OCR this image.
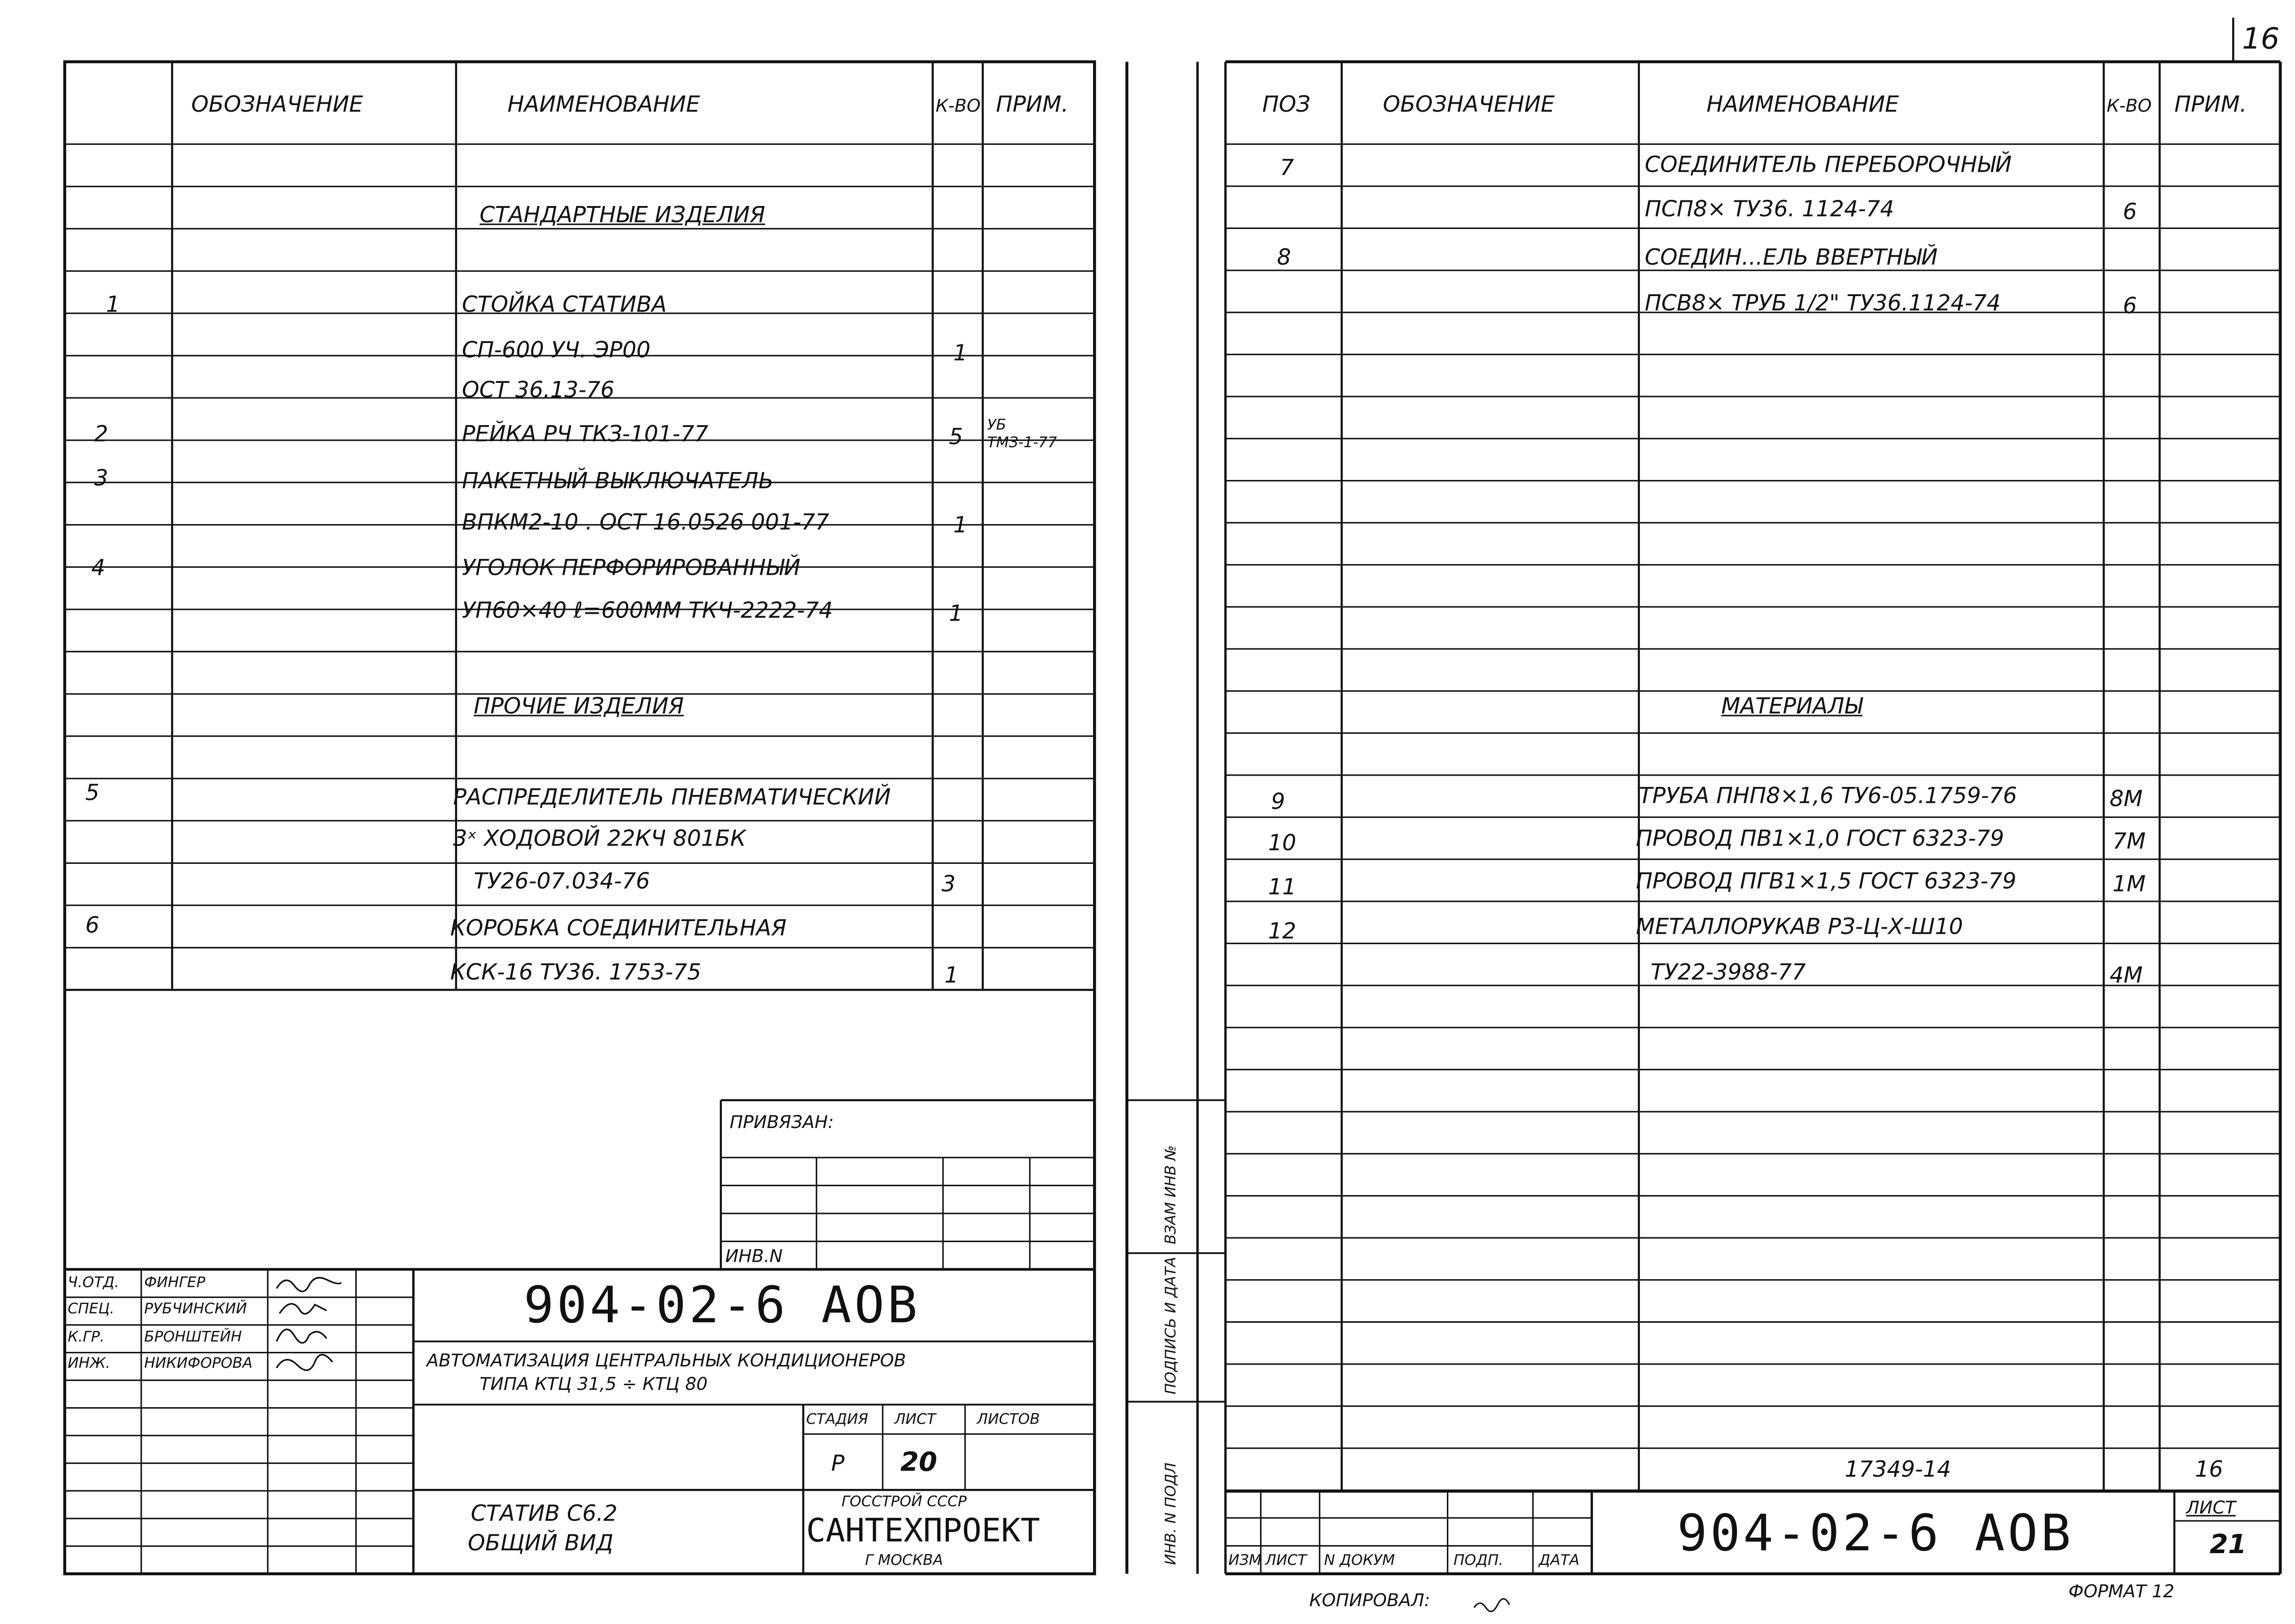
ОБОЗНАЧЕНИЕ	НАИМЕНОВАНИЕ	К-ВО ПРИМ.
СТАНДАРТНЫЕ ИЗДЕЛИЯ
1	СТОЙКА СТАТИВА
СП-600 УЧ. ЭР00	1
ОСТ 36.13-76
2	РЕЙКА РЧ ТКЗ-101-77	5	УБ
ТМЗ-1-77
3	ПАКЕТНЫЙ ВЫКЛЮЧАТЕЛЬ
ВПКМ2-10 . ОСТ 16.0526 001-77	1
4	УГОЛОК ПЕРФОРИРОВАННЫЙ
УП60×40 ℓ=600ММ ТКЧ-2222-74	1
ПРОЧИЕ ИЗДЕЛИЯ
5	РАСПРЕДЕЛИТЕЛЬ ПНЕВМАТИЧЕСКИЙ
3ˣ ХОДОВОЙ 22КЧ 801БК
ТУ26-07.034-76	3
6	КОРОБКА СОЕДИНИТЕЛЬНАЯ
КСК-16 ТУ36. 1753-75	1
ПОЗ	ОБОЗНАЧЕНИЕ	НАИМЕНОВАНИЕ	К-ВО	ПРИМ.
7	СОЕДИНИТЕЛЬ ПЕРЕБОРОЧНЫЙ
ПСП8× ТУ36. 1124-74	6
8	СОЕДИН...ЕЛЬ ВВЕРТНЫЙ
ПСВ8× ТРУБ 1/2" ТУ36.1124-74	6
МАТЕРИАЛЫ
9	ТРУБА ПНП8×1,6 ТУ6-05.1759-76	8М
10	ПРОВОД ПВ1×1,0 ГОСТ 6323-79	7М
11	ПРОВОД ПГВ1×1,5 ГОСТ 6323-79	1М
12	МЕТАЛЛОРУКАВ РЗ-Ц-Х-Ш10
ТУ22-3988-77	4М
ПРИВЯЗАН:
ИНВ.N
Ч.ОТД.	ФИНГЕР
СПЕЦ.	РУБЧИНСКИЙ
К.ГР.	БРОНШТЕЙН
ИНЖ.	НИКИФОРОВА
904-02-6 АОВ
АВТОМАТИЗАЦИЯ ЦЕНТРАЛЬНЫХ КОНДИЦИОНЕРОВ
ТИПА КТЦ 31,5 ÷ КТЦ 80
СТАДИЯ	ЛИСТ	ЛИСТОВ
Р	20
СТАТИВ С6.2
ОБЩИЙ ВИД
ГОССТРОЙ СССР
САНТЕХПРОЕКТ
Г МОСКВА
ВЗАМ ИНВ №
ПОДПИСЬ И ДАТА
ИНВ. N ПОДЛ	17349-14	16
904-02-6 АОВ	ЛИСТ
21
ИЗМ ЛИСТ	N ДОКУМ	ПОДП.	ДАТА
16
КОПИРОВАЛ:	ФОРМАТ 12
